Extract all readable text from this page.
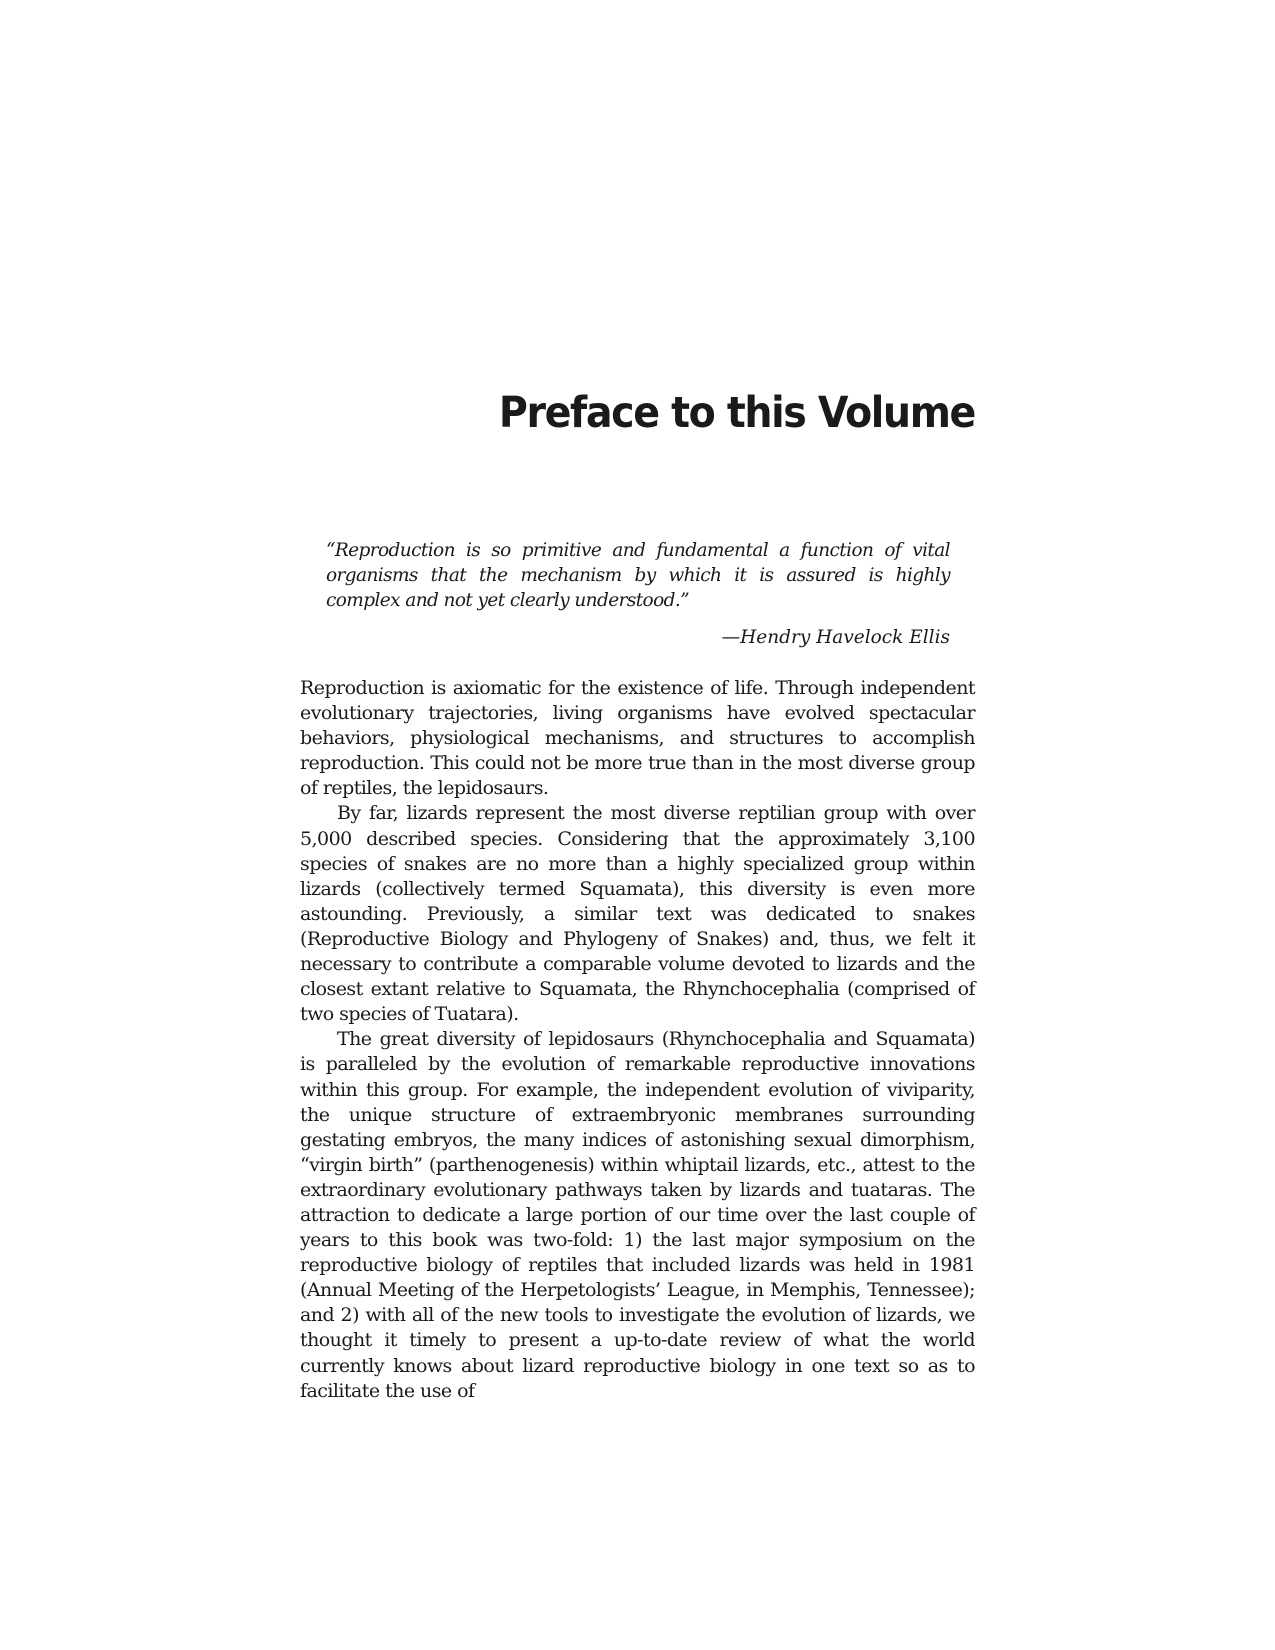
Preface to this Volume

“Reproduction is so primitive and fundamental a function of vital organisms that the mechanism by which it is assured is highly complex and not yet clearly understood.”

—Hendry Havelock Ellis

Reproduction is axiomatic for the existence of life. Through independent evolutionary trajectories, living organisms have evolved spectacular behaviors, physiological mechanisms, and structures to accomplish reproduction. This could not be more true than in the most diverse group of reptiles, the lepidosaurs.

By far, lizards represent the most diverse reptilian group with over 5,000 described species. Considering that the approximately 3,100 species of snakes are no more than a highly specialized group within lizards (collectively termed Squamata), this diversity is even more astounding. Previously, a similar text was dedicated to snakes (Reproductive Biology and Phylogeny of Snakes) and, thus, we felt it necessary to contribute a comparable volume devoted to lizards and the closest extant relative to Squamata, the Rhynchocephalia (comprised of two species of Tuatara).

The great diversity of lepidosaurs (Rhynchocephalia and Squamata) is paralleled by the evolution of remarkable reproductive innovations within this group. For example, the independent evolution of viviparity, the unique structure of extraembryonic membranes surrounding gestating embryos, the many indices of astonishing sexual dimorphism, “virgin birth” (parthenogenesis) within whiptail lizards, etc., attest to the extraordinary evolutionary pathways taken by lizards and tuataras. The attraction to dedicate a large portion of our time over the last couple of years to this book was two-fold: 1) the last major symposium on the reproductive biology of reptiles that included lizards was held in 1981 (Annual Meeting of the Herpetologists’ League, in Memphis, Tennessee); and 2) with all of the new tools to investigate the evolution of lizards, we thought it timely to present a up-to-date review of what the world currently knows about lizard reproductive biology in one text so as to facilitate the use of
